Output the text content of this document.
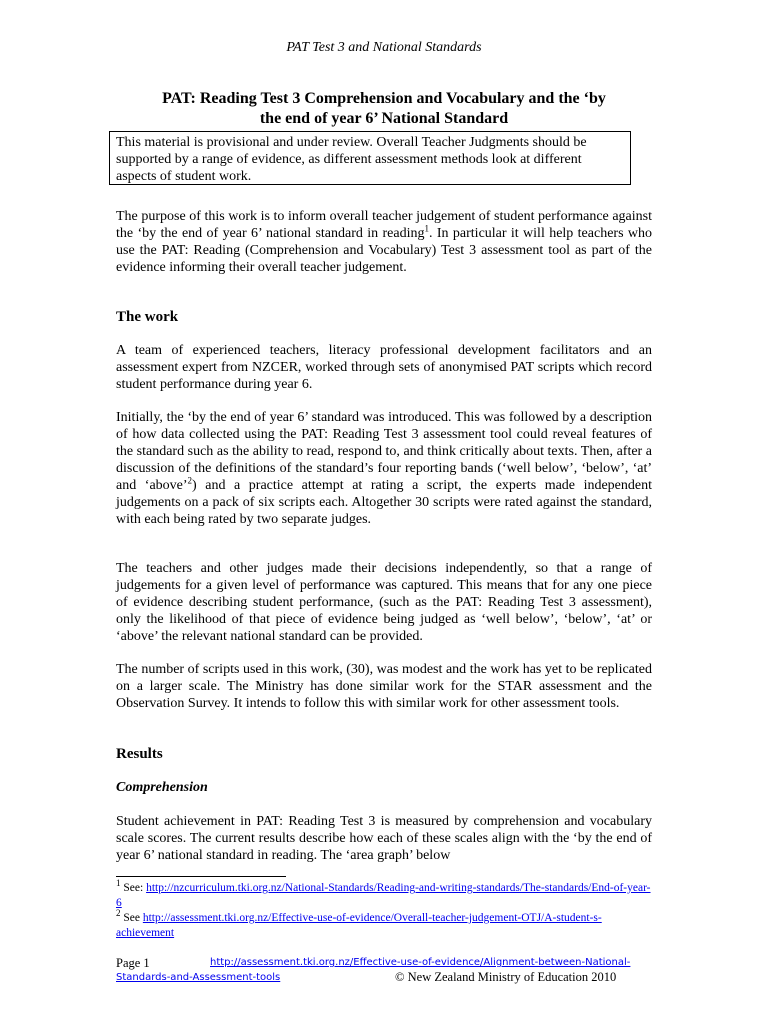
PAT Test 3 and National Standards
PAT: Reading Test 3 Comprehension and Vocabulary and the ‘by
the end of year 6’ National Standard
This material is provisional and under review. Overall Teacher Judgments should be supported by a range of evidence, as different assessment methods look at different aspects of student work.
The purpose of this work is to inform overall teacher judgement of student performance against the ‘by the end of year 6’ national standard in reading$^1$. In particular it will help teachers who use the PAT: Reading (Comprehension and Vocabulary) Test 3 assessment tool as part of the evidence informing their overall teacher judgement.
The work
A team of experienced teachers, literacy professional development facilitators and an assessment expert from NZCER, worked through sets of anonymised PAT scripts which record student performance during year 6.
Initially, the ‘by the end of year 6’ standard was introduced. This was followed by a description of how data collected using the PAT: Reading Test 3 assessment tool could reveal features of the standard such as the ability to read, respond to, and think critically about texts. Then, after a discussion of the definitions of the standard’s four reporting bands (‘well below’, ‘below’, ‘at’ and ‘above’$^2$) and a practice attempt at rating a script, the experts made independent judgements on a pack of six scripts each. Altogether 30 scripts were rated against the standard, with each being rated by two separate judges.
The teachers and other judges made their decisions independently, so that a range of judgements for a given level of performance was captured. This means that for any one piece of evidence describing student performance, (such as the PAT: Reading Test 3 assessment), only the likelihood of that piece of evidence being judged as ‘well below’, ‘below’, ‘at’ or ‘above’ the relevant national standard can be provided.
The number of scripts used in this work, (30), was modest and the work has yet to be replicated on a larger scale. The Ministry has done similar work for the STAR assessment and the Observation Survey. It intends to follow this with similar work for other assessment tools.
Results
Comprehension
Student achievement in PAT: Reading Test 3 is measured by comprehension and vocabulary scale scores. The current results describe how each of these scales align with the ‘by the end of year 6’ national standard in reading. The ‘area graph’ below
$^1$ See: http://nzcurriculum.tki.org.nz/National-Standards/Reading-and-writing-standards/The-standards/End-of-year-6
$^2$ See http://assessment.tki.org.nz/Effective-use-of-evidence/Overall-teacher-judgement-OTJ/A-student-s-achievement
Page 1	http://assessment.tki.org.nz/Effective-use-of-evidence/Alignment-between-National-
Standards-and-Assessment-tools	© New Zealand Ministry of Education 2010
